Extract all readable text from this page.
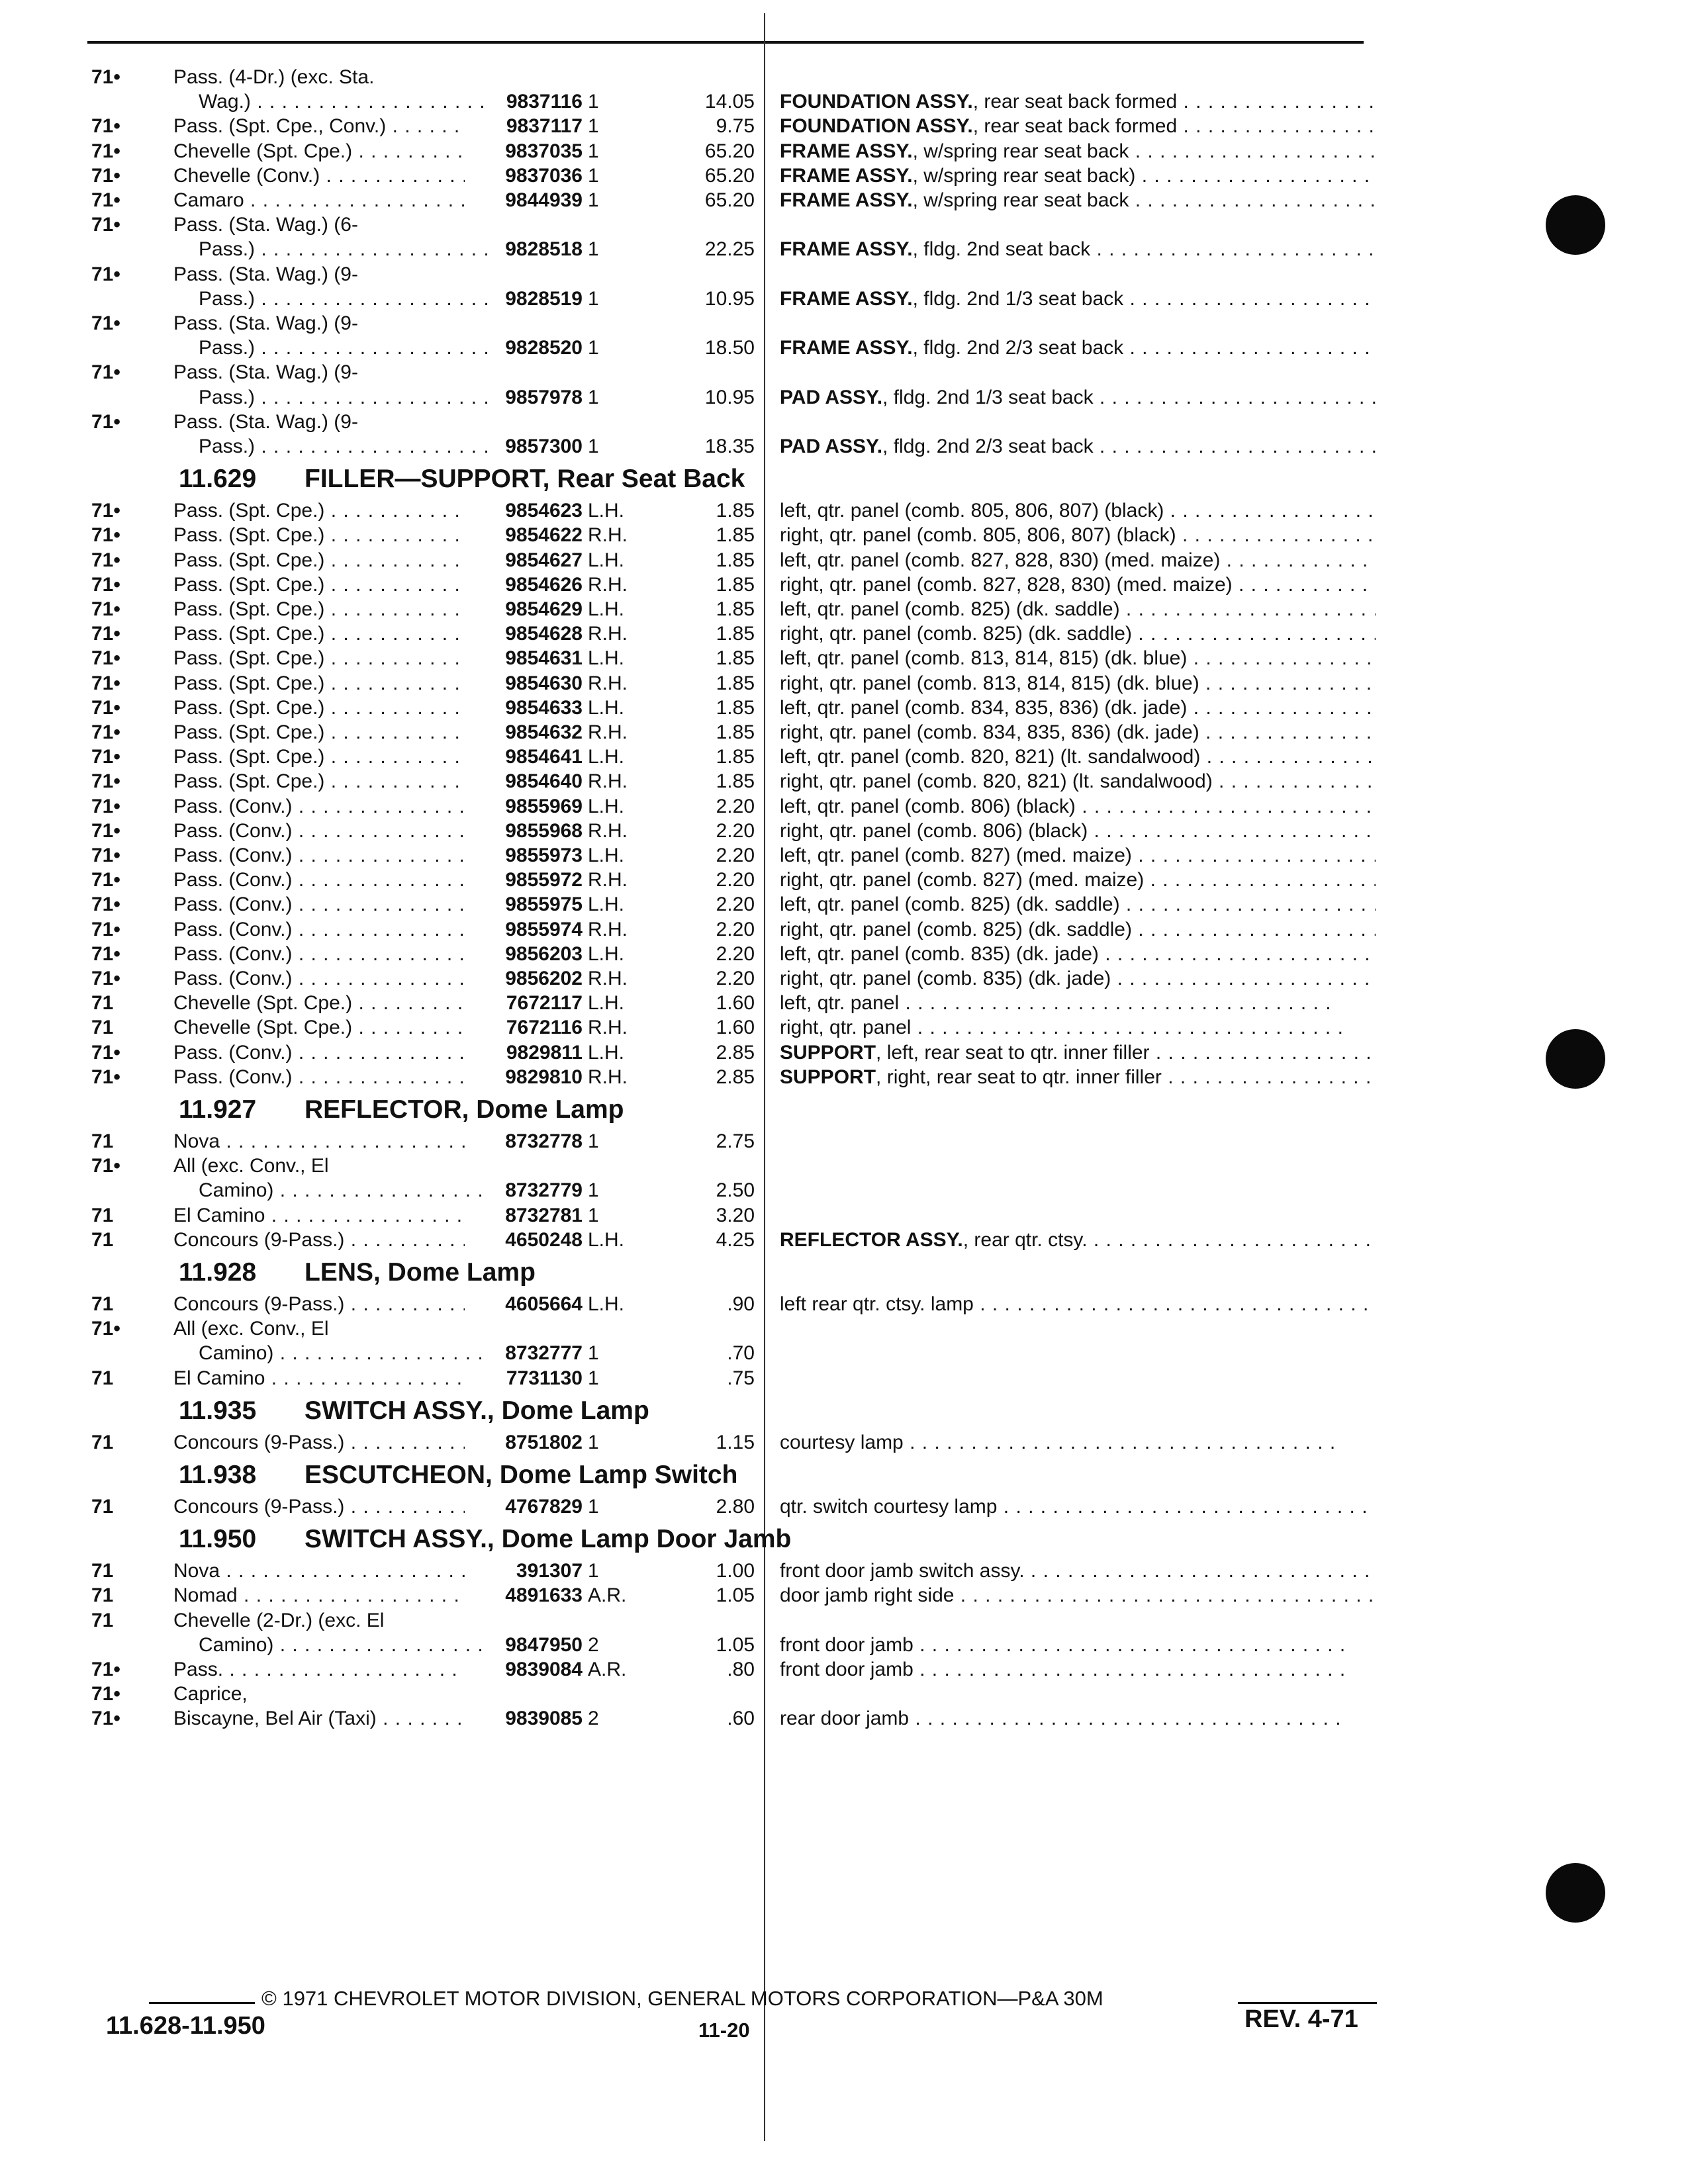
71•	Pass. (4-Dr.) (exc. Sta.
Wag.) . . .	9837116 1	14.05 FOUNDATION ASSY., rear seat back formed . . .
71•	Pass. (Spt. Cpe., Conv.) . . .	9837117 1	9.75 FOUNDATION ASSY., rear seat back formed . . .
71•	Chevelle (Spt. Cpe.) . . .	9837035 1	65.20 FRAME ASSY., w/spring rear seat back . . .
71•	Chevelle (Conv.) . . .	9837036 1	65.20 FRAME ASSY., w/spring rear seat back) . . .
71•	Camaro . . .	9844939 1	65.20 FRAME ASSY., w/spring rear seat back . . .
71•	Pass. (Sta. Wag.) (6-
Pass.) . . .	9828518 1	22.25 FRAME ASSY., fldg. 2nd seat back . . .
71•	Pass. (Sta. Wag.) (9-
Pass.) . . .	9828519 1	10.95 FRAME ASSY., fldg. 2nd 1/3 seat back . . .
71•	Pass. (Sta. Wag.) (9-
Pass.) . . .	9828520 1	18.50 FRAME ASSY., fldg. 2nd 2/3 seat back . . .
71•	Pass. (Sta. Wag.) (9-
Pass.) . . .	9857978 1	10.95 PAD ASSY., fldg. 2nd 1/3 seat back . . .
71•	Pass. (Sta. Wag.) (9-
Pass.) . . .	9857300 1	18.35 PAD ASSY., fldg. 2nd 2/3 seat back . . .
11.629 FILLER—SUPPORT, Rear Seat Back
71•	Pass. (Spt. Cpe.) . . .	9854623 L.H.	1.85 left, qtr. panel (comb. 805, 806, 807) (black) . . .
71•	Pass. (Spt. Cpe.) . . .	9854622 R.H.	1.85 right, qtr. panel (comb. 805, 806, 807) (black) . . .
71•	Pass. (Spt. Cpe.) . . .	9854627 L.H.	1.85 left, qtr. panel (comb. 827, 828, 830) (med. maize) . . .
71•	Pass. (Spt. Cpe.) . . .	9854626 R.H.	1.85 right, qtr. panel (comb. 827, 828, 830) (med. maize) . . .
71•	Pass. (Spt. Cpe.) . . .	9854629 L.H.	1.85 left, qtr. panel (comb. 825) (dk. saddle) . . .
71•	Pass. (Spt. Cpe.) . . .	9854628 R.H.	1.85 right, qtr. panel (comb. 825) (dk. saddle) . . .
71•	Pass. (Spt. Cpe.) . . .	9854631 L.H.	1.85 left, qtr. panel (comb. 813, 814, 815) (dk. blue) . . .
71•	Pass. (Spt. Cpe.) . . .	9854630 R.H.	1.85 right, qtr. panel (comb. 813, 814, 815) (dk. blue) . . .
71•	Pass. (Spt. Cpe.) . . .	9854633 L.H.	1.85 left, qtr. panel (comb. 834, 835, 836) (dk. jade) . . .
71•	Pass. (Spt. Cpe.) . . .	9854632 R.H.	1.85 right, qtr. panel (comb. 834, 835, 836) (dk. jade) . . .
71•	Pass. (Spt. Cpe.) . . .	9854641 L.H.	1.85 left, qtr. panel (comb. 820, 821) (lt. sandalwood) . . .
71•	Pass. (Spt. Cpe.) . . .	9854640 R.H.	1.85 right, qtr. panel (comb. 820, 821) (lt. sandalwood) . . .
71•	Pass. (Conv.) . . .	9855969 L.H.	2.20 left, qtr. panel (comb. 806) (black) . . .
71•	Pass. (Conv.) . . .	9855968 R.H.	2.20 right, qtr. panel (comb. 806) (black) . . .
71•	Pass. (Conv.) . . .	9855973 L.H.	2.20 left, qtr. panel (comb. 827) (med. maize) . . .
71•	Pass. (Conv.) . . .	9855972 R.H.	2.20 right, qtr. panel (comb. 827) (med. maize) . . .
71•	Pass. (Conv.) . . .	9855975 L.H.	2.20 left, qtr. panel (comb. 825) (dk. saddle) . . .
71•	Pass. (Conv.) . . .	9855974 R.H.	2.20 right, qtr. panel (comb. 825) (dk. saddle) . . .
71•	Pass. (Conv.) . . .	9856203 L.H.	2.20 left, qtr. panel (comb. 835) (dk. jade) . . .
71•	Pass. (Conv.) . . .	9856202 R.H.	2.20 right, qtr. panel (comb. 835) (dk. jade) . . .
71	Chevelle (Spt. Cpe.) . . .	7672117 L.H.	1.60 left, qtr. panel . . .
71	Chevelle (Spt. Cpe.) . . .	7672116 R.H.	1.60 right, qtr. panel . . .
71•	Pass. (Conv.) . . .	9829811 L.H.	2.85 SUPPORT, left, rear seat to qtr. inner filler . . .
71•	Pass. (Conv.) . . .	9829810 R.H.	2.85 SUPPORT, right, rear seat to qtr. inner filler . . .
11.927 REFLECTOR, Dome Lamp
71	Nova . . .	8732778 1	2.75
71•	All (exc. Conv., El
Camino) . . .	8732779 1	2.50
71	El Camino . . .	8732781 1	3.20
71	Concours (9-Pass.) . . .	4650248 L.H.	4.25 REFLECTOR ASSY., rear qtr. ctsy. . . .
11.928 LENS, Dome Lamp
71	Concours (9-Pass.) . . .	4605664 L.H.	.90 left rear qtr. ctsy. lamp . . .
71•	All (exc. Conv., El
Camino) . . .	8732777 1	.70
71	El Camino . . .	7731130 1	.75
11.935 SWITCH ASSY., Dome Lamp
71	Concours (9-Pass.) . . .	8751802 1	1.15 courtesy lamp . . .
11.938 ESCUTCHEON, Dome Lamp Switch
71	Concours (9-Pass.) . . .	4767829 1	2.80 qtr. switch courtesy lamp . . .
11.950 SWITCH ASSY., Dome Lamp Door Jamb
71	Nova . . .	391307 1	1.00 front door jamb switch assy. . . .
71	Nomad . . .	4891633 A.R.	1.05 door jamb right side . . .
71	Chevelle (2-Dr.) (exc. El
Camino) . . .	9847950 2	1.05 front door jamb . . .
71•	Pass. . . .	9839084 A.R.	.80 front door jamb . . .
71•	Caprice,
71•	Biscayne, Bel Air (Taxi) . . .	9839085 2	.60 rear door jamb . . .
© 1971 CHEVROLET MOTOR DIVISION, GENERAL MOTORS CORPORATION—P&A 30M
11.628-11.950	11-20	REV. 4-71
